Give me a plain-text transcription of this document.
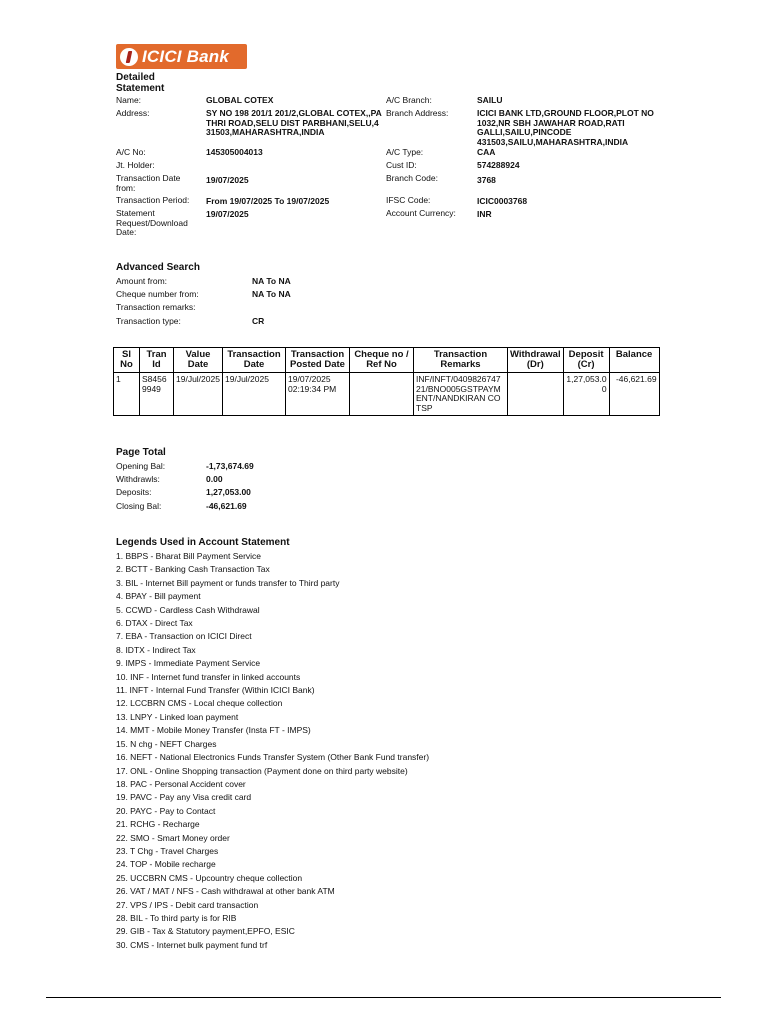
ICICI Bank
Detailed Statement
Name:	GLOBAL COTEX
Address:	SY NO 198 201/1 201/2,GLOBAL COTEX,,PATHRI ROAD,SELU DIST PARBHANI,SELU,431503,MAHARASHTRA,INDIA
A/C No:	145305004013
Jt. Holder:
Transaction Date from:
19/07/2025
Transaction Period:	From 19/07/2025 To 19/07/2025
Statement Request/Download Date:
19/07/2025
A/C Branch:	SAILU
Branch Address:	ICICI BANK LTD,GROUND FLOOR,PLOT NO 1032,NR SBH JAWAHAR ROAD,RATI GALLI,SAILU,PINCODE 431503,SAILU,MAHARASHTRA,INDIA
A/C Type:	CAA
Cust ID:	574288924
Branch Code:	3768
IFSC Code:	ICIC0003768
Account Currency:	INR
Advanced Search
Amount from:	NA To NA
Cheque number from:	NA To NA
Transaction remarks:
Transaction type:	CR
Sl No	Tran Id	Value Date	Transaction Date	Transaction Posted Date	Cheque no / Ref No	Transaction Remarks	Withdrawal (Dr)	Deposit (Cr)	Balance
1	S84569949	19/Jul/2025	19/Jul/2025	19/07/2025 02:19:34 PM		INF/INFT/040982674721/BNO005GSTPAYMENT/NANDKIRAN COTSP		1,27,053.00	-46,621.69
Page Total
Opening Bal:	-1,73,674.69
Withdrawls:	0.00
Deposits:	1,27,053.00
Closing Bal:	-46,621.69
Legends Used in Account Statement
1. BBPS - Bharat Bill Payment Service
2. BCTT - Banking Cash Transaction Tax
3. BIL - Internet Bill payment or funds transfer to Third party
4. BPAY - Bill payment
5. CCWD - Cardless Cash Withdrawal
6. DTAX - Direct Tax
7. EBA - Transaction on ICICI Direct
8. IDTX - Indirect Tax
9. IMPS - Immediate Payment Service
10. INF - Internet fund transfer in linked accounts
11. INFT - Internal Fund Transfer (Within ICICI Bank)
12. LCCBRN CMS - Local cheque collection
13. LNPY - Linked loan payment
14. MMT - Mobile Money Transfer (Insta FT - IMPS)
15. N chg - NEFT Charges
16. NEFT - National Electronics Funds Transfer System (Other Bank Fund transfer)
17. ONL - Online Shopping transaction (Payment done on third party website)
18. PAC - Personal Accident cover
19. PAVC - Pay any Visa credit card
20. PAYC - Pay to Contact
21. RCHG - Recharge
22. SMO - Smart Money order
23. T Chg - Travel Charges
24. TOP - Mobile recharge
25. UCCBRN CMS - Upcountry cheque collection
26. VAT / MAT / NFS - Cash withdrawal at other bank ATM
27. VPS / IPS - Debit card transaction
28. BIL - To third party is for RIB
29. GIB - Tax & Statutory payment,EPFO, ESIC
30. CMS - Internet bulk payment fund trf
